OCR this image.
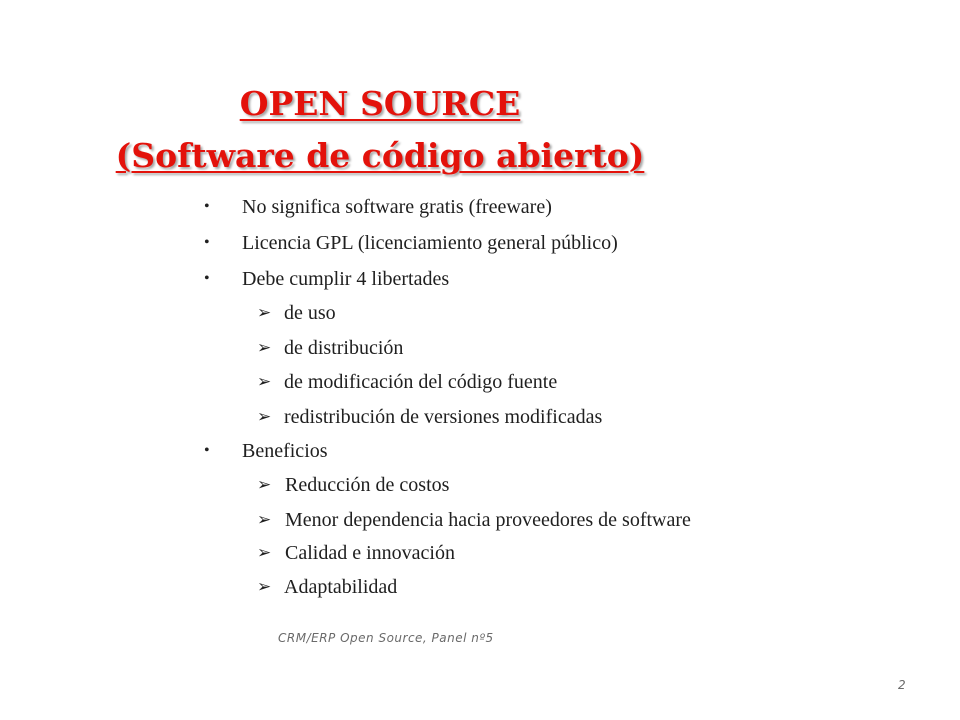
OPEN SOURCE
(Software de código abierto)
• No significa software gratis (freeware)
• Licencia GPL (licenciamiento general público)
• Debe cumplir 4 libertades
➢ de uso
➢ de distribución
➢ de modificación del código fuente
➢ redistribución de versiones modificadas
• Beneficios
➢ Reducción de costos
➢ Menor dependencia hacia proveedores de software
➢ Calidad e innovación
➢ Adaptabilidad
CRM/ERP Open Source, Panel nº5
2
